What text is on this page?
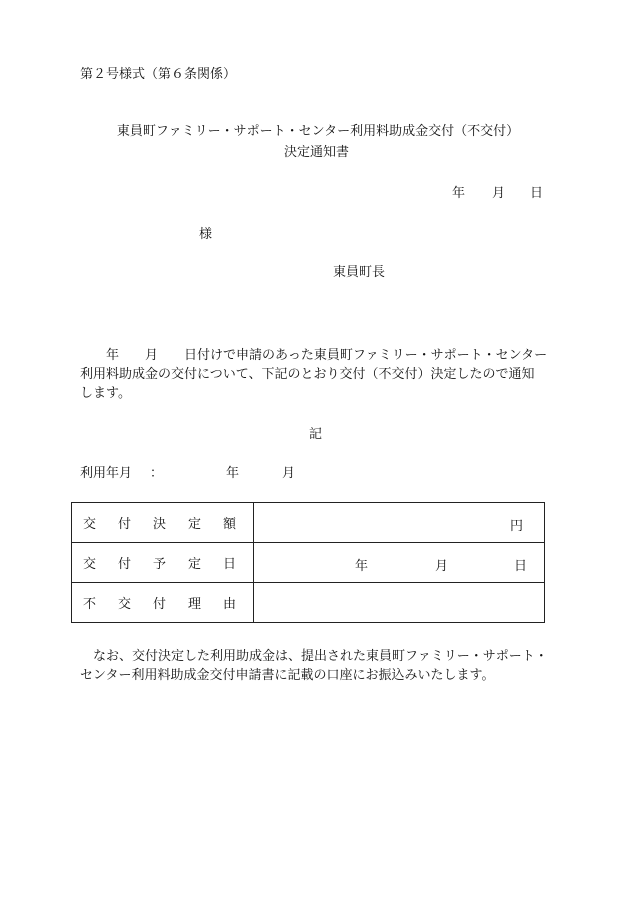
第２号様式（第６条関係）
東員町ファミリー・サポート・センター利用料助成金交付（不交付）
決定通知書
年 月 日
様
東員町長
年　　月　　日付けで申請のあった東員町ファミリー・サポート・センター
利用料助成金の交付について、下記のとおり交付（不交付）決定したので通知
します。
記
利用年月 ：	年	月
交 付 決 定 額	円

交 付 予 定 日	年 月 日

不 交 付 理 由	

なお、交付決定した利用助成金は、提出された東員町ファミリー・サポート・
センター利用料助成金交付申請書に記載の口座にお振込みいたします。
